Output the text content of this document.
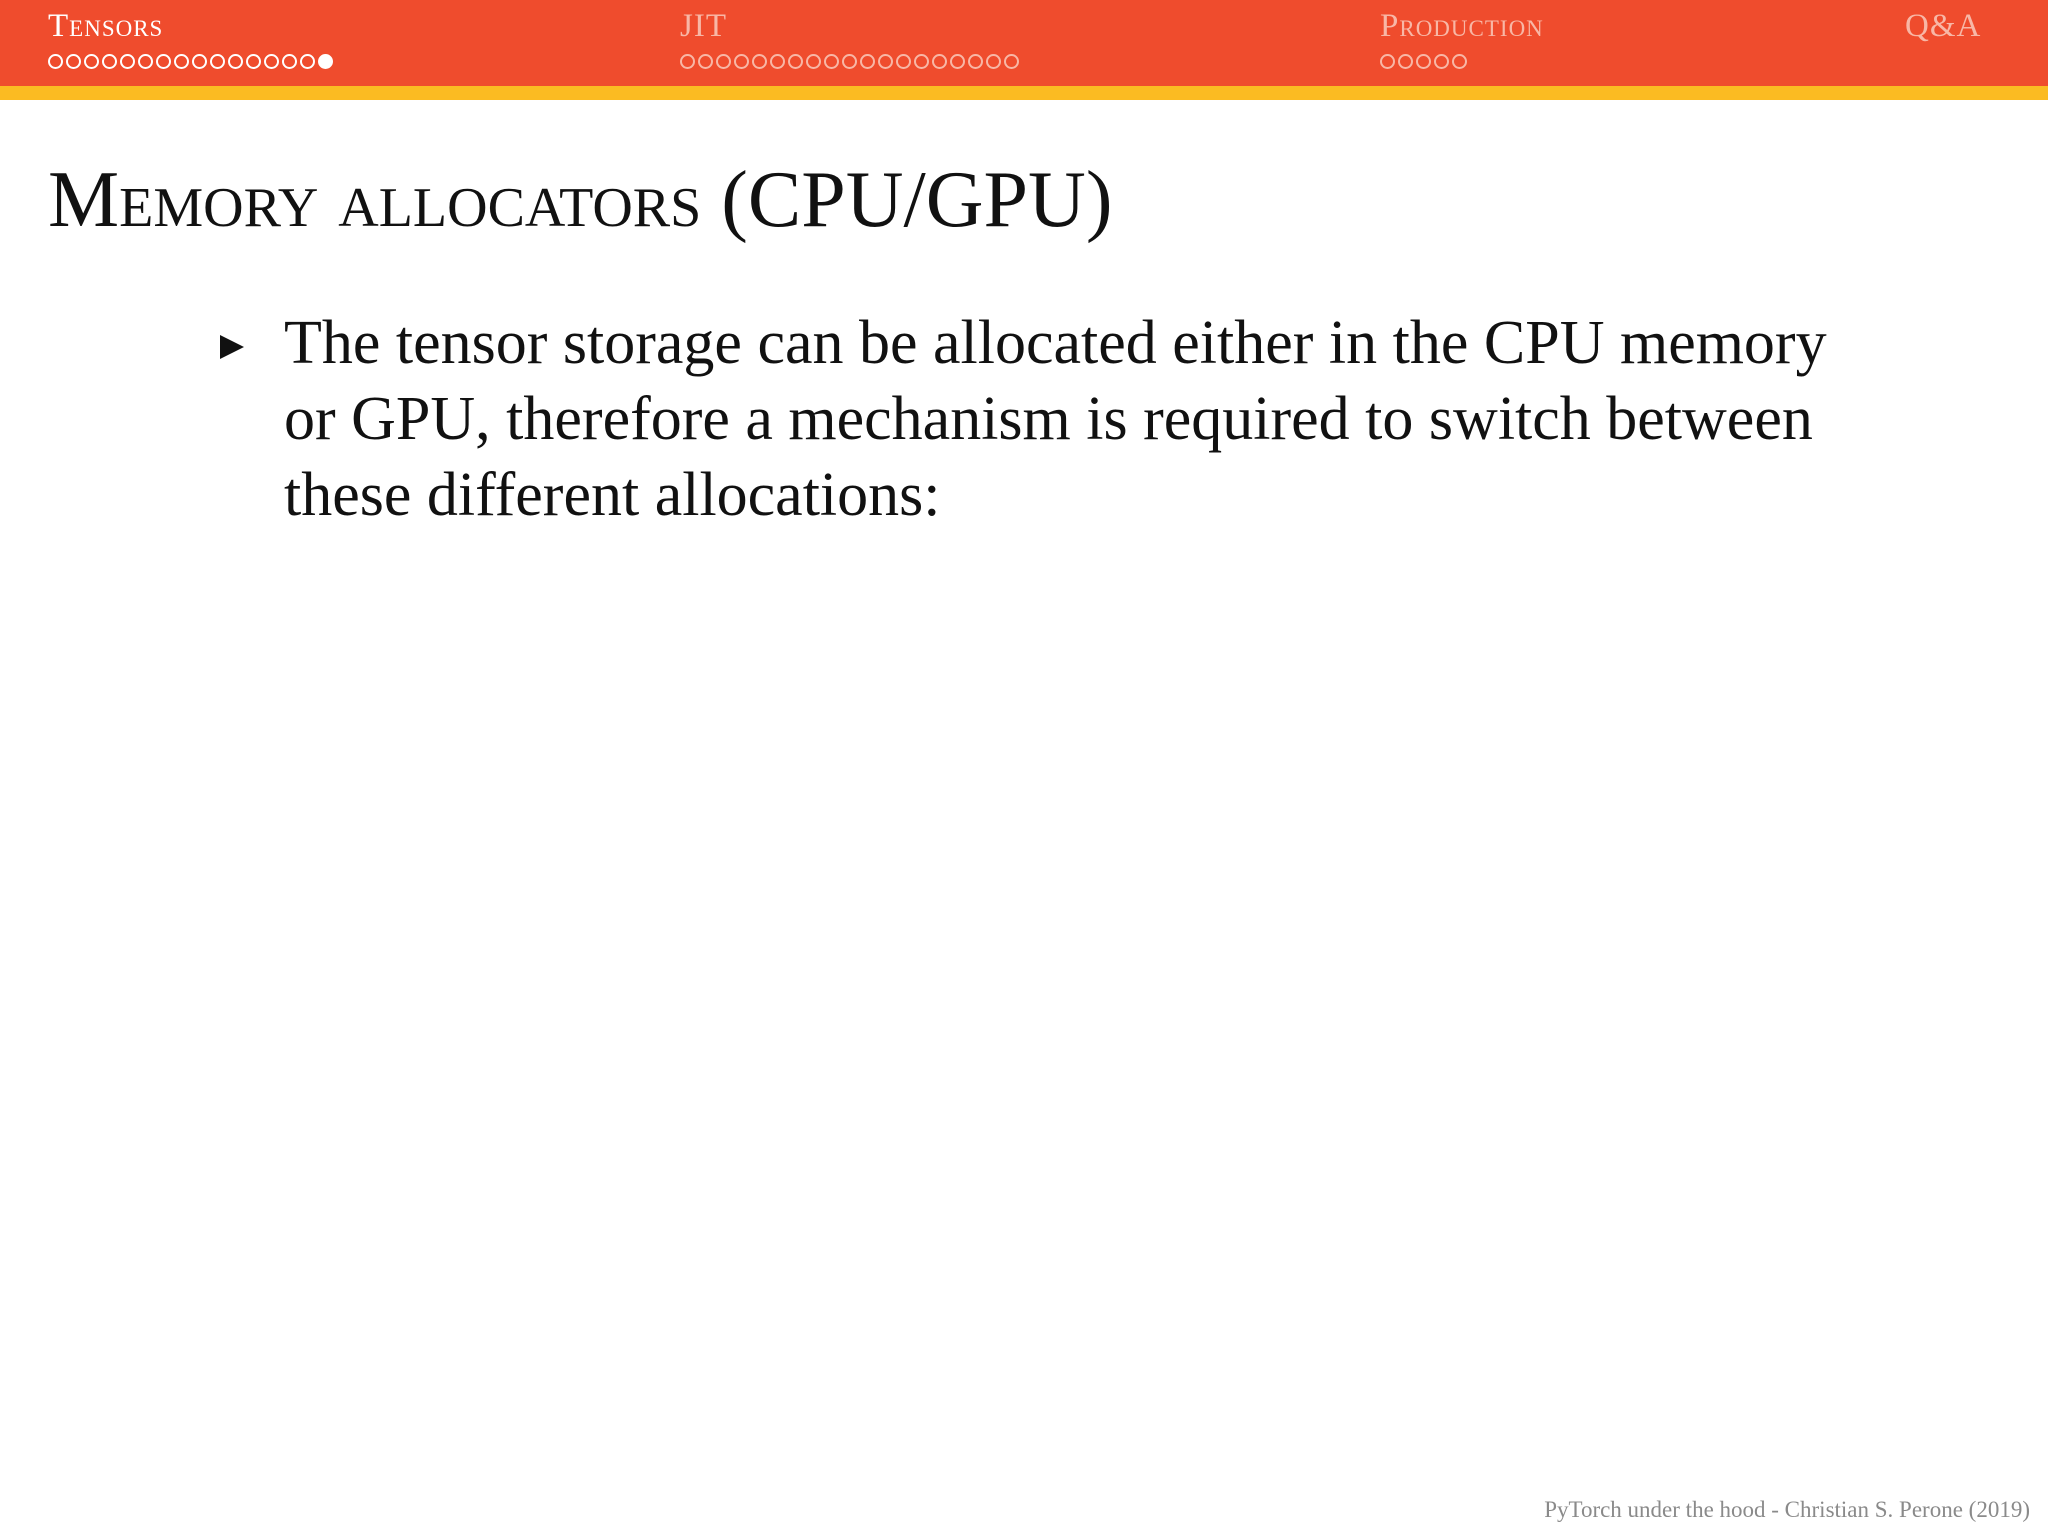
Tensors	JIT	Production	Q&A
Memory allocators (CPU/GPU)
The tensor storage can be allocated either in the CPU memory or GPU, therefore a mechanism is required to switch between these different allocations:
PyTorch under the hood - Christian S. Perone (2019)
